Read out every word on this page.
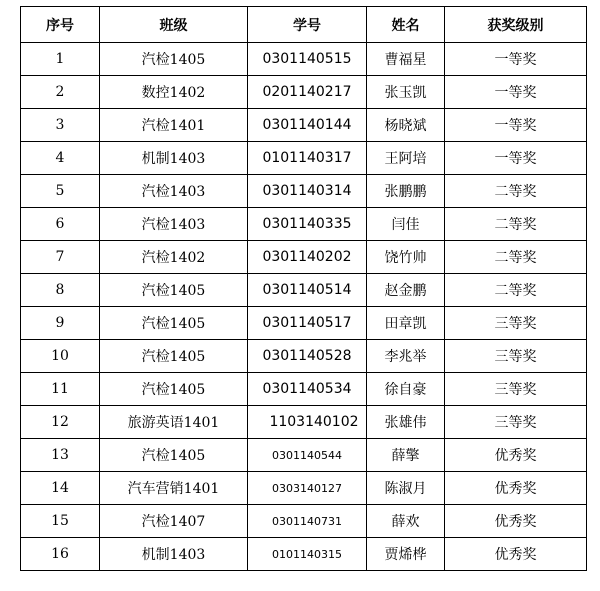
序号	班级	学号	姓名	获奖级别
1	汽检1405	0301140515	曹福星	一等奖
2	数控1402	0201140217	张玉凯	一等奖
3	汽检1401	0301140144	杨晓斌	一等奖
4	机制1403	0101140317	王阿培	一等奖
5	汽检1403	0301140314	张鹏鹏	二等奖
6	汽检1403	0301140335	闫佳	二等奖
7	汽检1402	0301140202	饶竹帅	二等奖
8	汽检1405	0301140514	赵金鹏	二等奖
9	汽检1405	0301140517	田章凯	三等奖
10	汽检1405	0301140528	李兆举	三等奖
11	汽检1405	0301140534	徐自豪	三等奖
12	旅游英语1401	1103140102	张雄伟	三等奖
13	汽检1405	0301140544	薛擎	优秀奖
14	汽车营销1401	0303140127	陈淑月	优秀奖
15	汽检1407	0301140731	薛欢	优秀奖
16	机制1403	0101140315	贾烯桦	优秀奖
